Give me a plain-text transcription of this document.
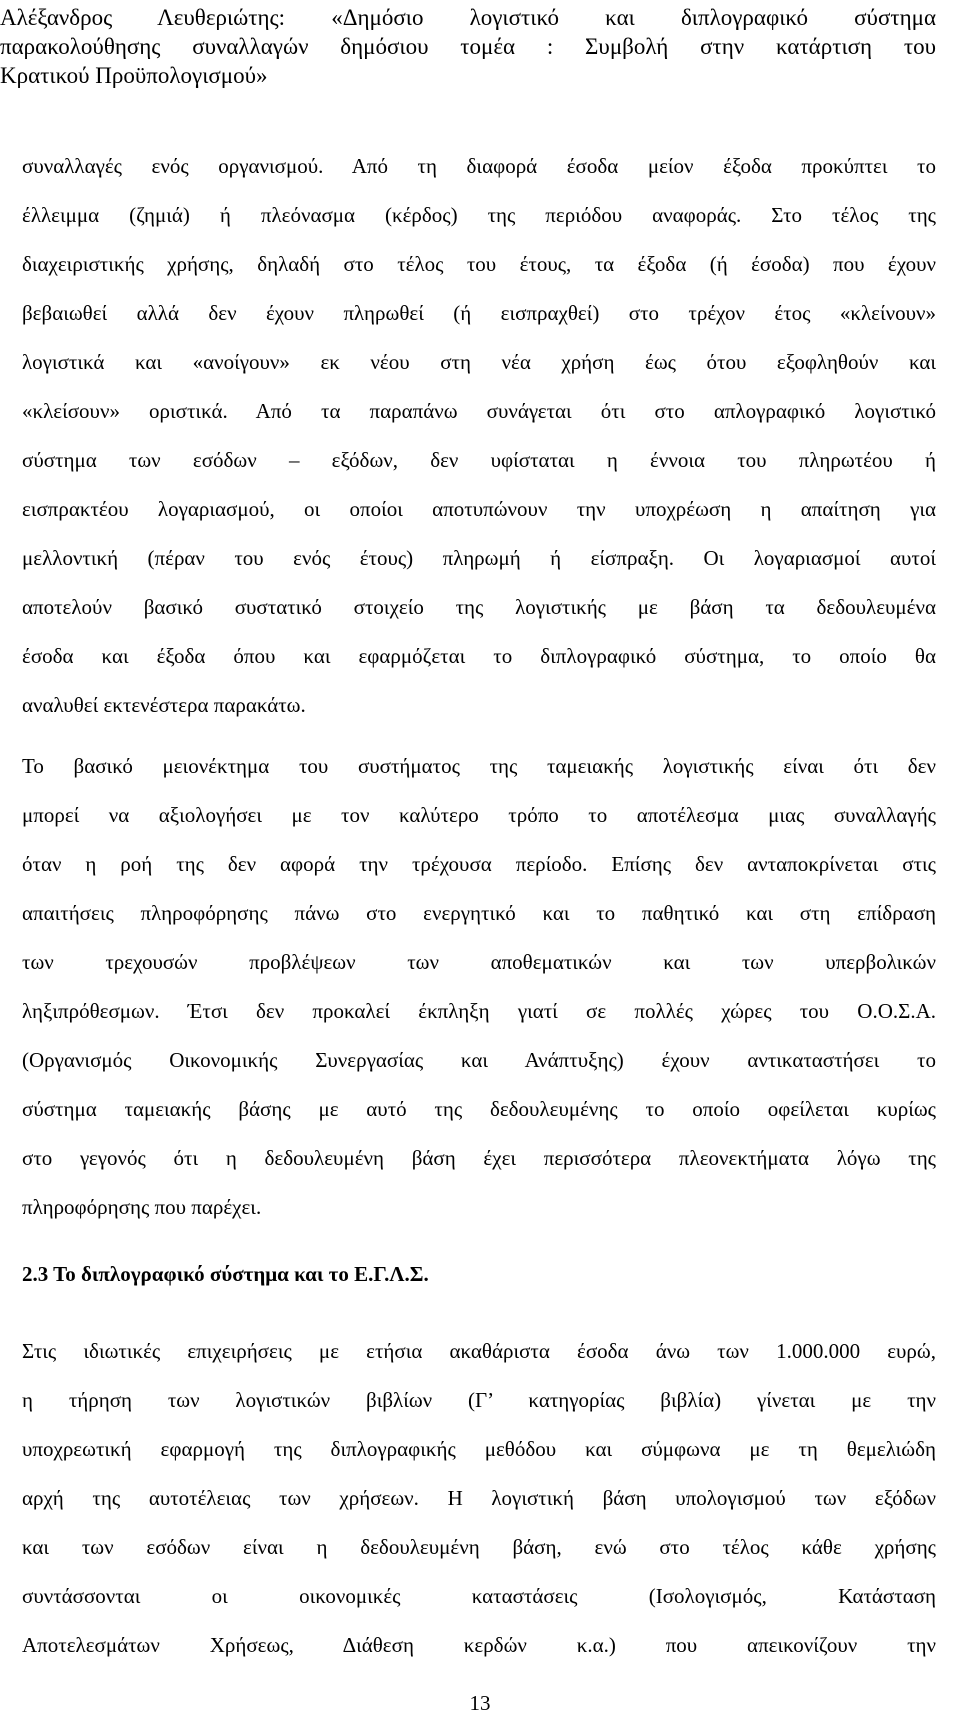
Αλέξανδρος Λευθεριώτης: «Δημόσιο λογιστικό και διπλογραφικό σύστημα
παρακολούθησης συναλλαγών δημόσιου τομέα : Συμβολή στην κατάρτιση του
Κρατικού Προϋπολογισμού»
συναλλαγές ενός οργανισμού. Από τη διαφορά έσοδα μείον έξοδα προκύπτει το
έλλειμμα (ζημιά) ή πλεόνασμα (κέρδος) της περιόδου αναφοράς. Στο τέλος της
διαχειριστικής χρήσης, δηλαδή στο τέλος του έτους, τα έξοδα (ή έσοδα) που έχουν
βεβαιωθεί αλλά δεν έχουν πληρωθεί (ή εισπραχθεί) στο τρέχον έτος «κλείνουν»
λογιστικά και «ανοίγουν» εκ νέου στη νέα χρήση έως ότου εξοφληθούν και
«κλείσουν» οριστικά. Από τα παραπάνω συνάγεται ότι στο απλογραφικό λογιστικό
σύστημα των εσόδων – εξόδων, δεν υφίσταται η έννοια του πληρωτέου ή
εισπρακτέου λογαριασμού, οι οποίοι αποτυπώνουν την υποχρέωση η απαίτηση για
μελλοντική (πέραν του ενός έτους) πληρωμή ή είσπραξη. Οι λογαριασμοί αυτοί
αποτελούν βασικό συστατικό στοιχείο της λογιστικής με βάση τα δεδουλευμένα
έσοδα και έξοδα όπου και εφαρμόζεται το διπλογραφικό σύστημα, το οποίο θα
αναλυθεί εκτενέστερα παρακάτω.
Το βασικό μειονέκτημα του συστήματος της ταμειακής λογιστικής είναι ότι δεν
μπορεί να αξιολογήσει με τον καλύτερο τρόπο το αποτέλεσμα μιας συναλλαγής
όταν η ροή της δεν αφορά την τρέχουσα περίοδο. Επίσης δεν ανταποκρίνεται στις
απαιτήσεις πληροφόρησης πάνω στο ενεργητικό και το παθητικό και στη επίδραση
των τρεχουσών προβλέψεων των αποθεματικών και των υπερβολικών
ληξιπρόθεσμων. Έτσι δεν προκαλεί έκπληξη γιατί σε πολλές χώρες του Ο.Ο.Σ.Α.
(Οργανισμός Οικονομικής Συνεργασίας και Ανάπτυξης) έχουν αντικαταστήσει το
σύστημα ταμειακής βάσης με αυτό της δεδουλευμένης το οποίο οφείλεται κυρίως
στο γεγονός ότι η δεδουλευμένη βάση έχει περισσότερα πλεονεκτήματα λόγω της
πληροφόρησης που παρέχει.
2.3 Το διπλογραφικό σύστημα και το Ε.Γ.Λ.Σ.
Στις ιδιωτικές επιχειρήσεις με ετήσια ακαθάριστα έσοδα άνω των 1.000.000 ευρώ,
η τήρηση των λογιστικών βιβλίων (Γ’ κατηγορίας βιβλία) γίνεται με την
υποχρεωτική εφαρμογή της διπλογραφικής μεθόδου και σύμφωνα με τη θεμελιώδη
αρχή της αυτοτέλειας των χρήσεων. Η λογιστική βάση υπολογισμού των εξόδων
και των εσόδων είναι η δεδουλευμένη βάση, ενώ στο τέλος κάθε χρήσης
συντάσσονται οι οικονομικές καταστάσεις (Ισολογισμός, Κατάσταση
Αποτελεσμάτων Χρήσεως, Διάθεση κερδών κ.α.) που απεικονίζουν την
13
